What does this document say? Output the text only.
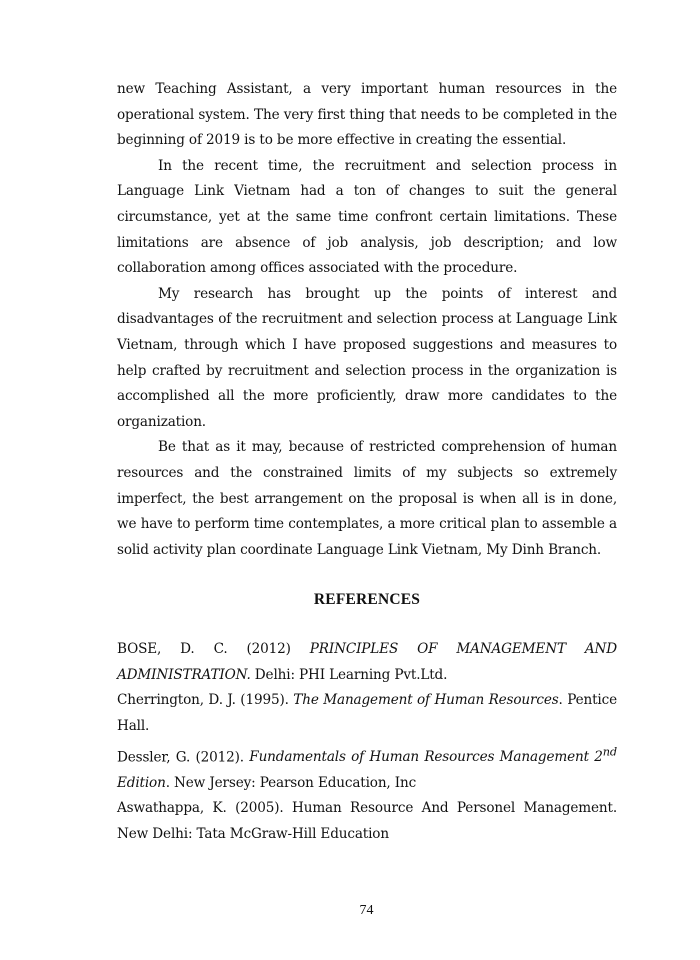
new Teaching Assistant, a very important human resources in the operational system. The very first thing that needs to be completed in the beginning of 2019 is to be more effective in creating the essential.

In the recent time, the recruitment and selection process in Language Link Vietnam had a ton of changes to suit the general circumstance, yet at the same time confront certain limitations. These limitations are absence of job analysis, job description; and low collaboration among offices associated with the procedure.

My research has brought up the points of interest and disadvantages of the recruitment and selection process at Language Link Vietnam, through which I have proposed suggestions and measures to help crafted by recruitment and selection process in the organization is accomplished all the more proficiently, draw more candidates to the organization.

Be that as it may, because of restricted comprehension of human resources and the constrained limits of my subjects so extremely imperfect, the best arrangement on the proposal is when all is in done, we have to perform time contemplates, a more critical plan to assemble a solid activity plan coordinate Language Link Vietnam, My Dinh Branch.

REFERENCES

BOSE, D. C. (2012) PRINCIPLES OF MANAGEMENT AND ADMINISTRATION. Delhi: PHI Learning Pvt.Ltd.

Cherrington, D. J. (1995). The Management of Human Resources. Pentice Hall.

Dessler, G. (2012). Fundamentals of Human Resources Management 2nd Edition. New Jersey: Pearson Education, Inc

Aswathappa, K. (2005). Human Resource And Personel Management. New Delhi: Tata McGraw-Hill Education

74
